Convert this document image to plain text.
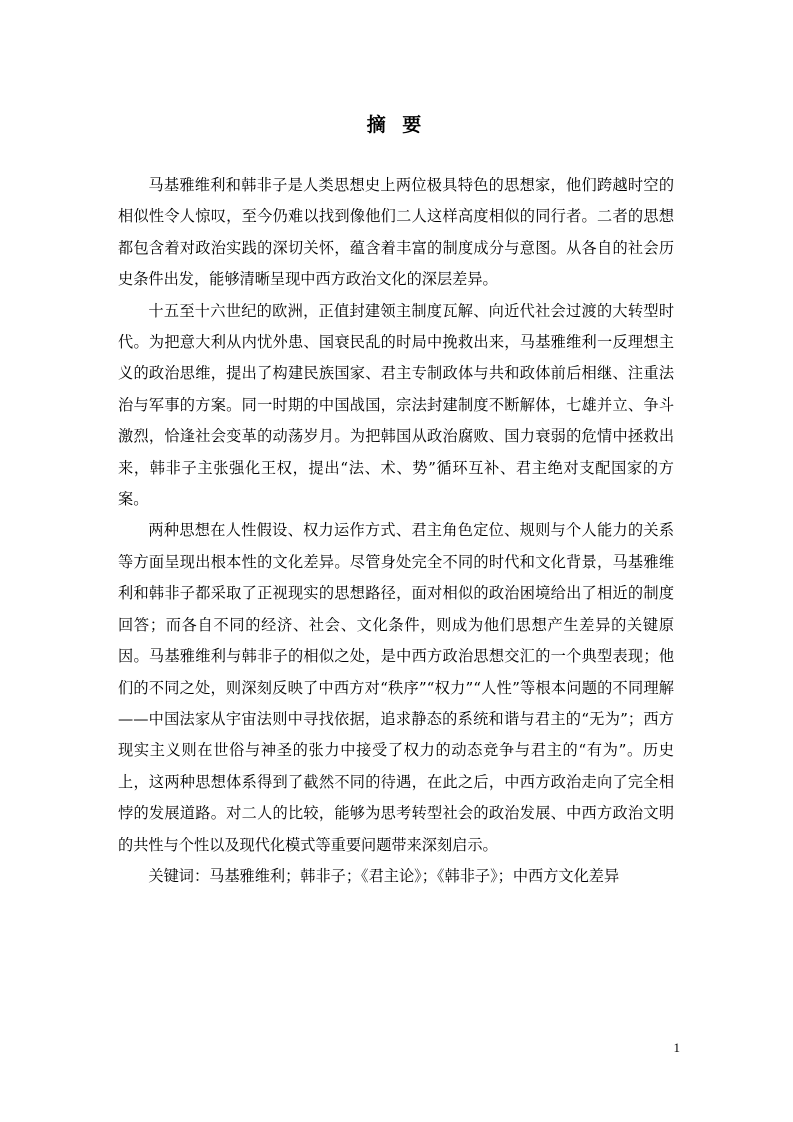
摘 要

马基雅维利和韩非子是人类思想史上两位极具特色的思想家，他们跨越时空的相似性令人惊叹，至今仍难以找到像他们二人这样高度相似的同行者。二者的思想都包含着对政治实践的深切关怀，蕴含着丰富的制度成分与意图。从各自的社会历史条件出发，能够清晰呈现中西方政治文化的深层差异。

十五至十六世纪的欧洲，正值封建领主制度瓦解、向近代社会过渡的大转型时代。为把意大利从内忧外患、国衰民乱的时局中挽救出来，马基雅维利一反理想主义的政治思维，提出了构建民族国家、君主专制政体与共和政体前后相继、注重法治与军事的方案。同一时期的中国战国，宗法封建制度不断解体，七雄并立、争斗激烈，恰逢社会变革的动荡岁月。为把韩国从政治腐败、国力衰弱的危情中拯救出来，韩非子主张强化王权，提出“法、术、势”循环互补、君主绝对支配国家的方案。

两种思想在人性假设、权力运作方式、君主角色定位、规则与个人能力的关系等方面呈现出根本性的文化差异。尽管身处完全不同的时代和文化背景，马基雅维利和韩非子都采取了正视现实的思想路径，面对相似的政治困境给出了相近的制度回答；而各自不同的经济、社会、文化条件，则成为他们思想产生差异的关键原因。马基雅维利与韩非子的相似之处，是中西方政治思想交汇的一个典型表现；他们的不同之处，则深刻反映了中西方对“秩序”“权力”“人性”等根本问题的不同理解——中国法家从宇宙法则中寻找依据，追求静态的系统和谐与君主的“无为”；西方现实主义则在世俗与神圣的张力中接受了权力的动态竞争与君主的“有为”。历史上，这两种思想体系得到了截然不同的待遇，在此之后，中西方政治走向了完全相悖的发展道路。对二人的比较，能够为思考转型社会的政治发展、中西方政治文明的共性与个性以及现代化模式等重要问题带来深刻启示。

关键词：马基雅维利；韩非子；《君主论》；《韩非子》；中西方文化差异

1
